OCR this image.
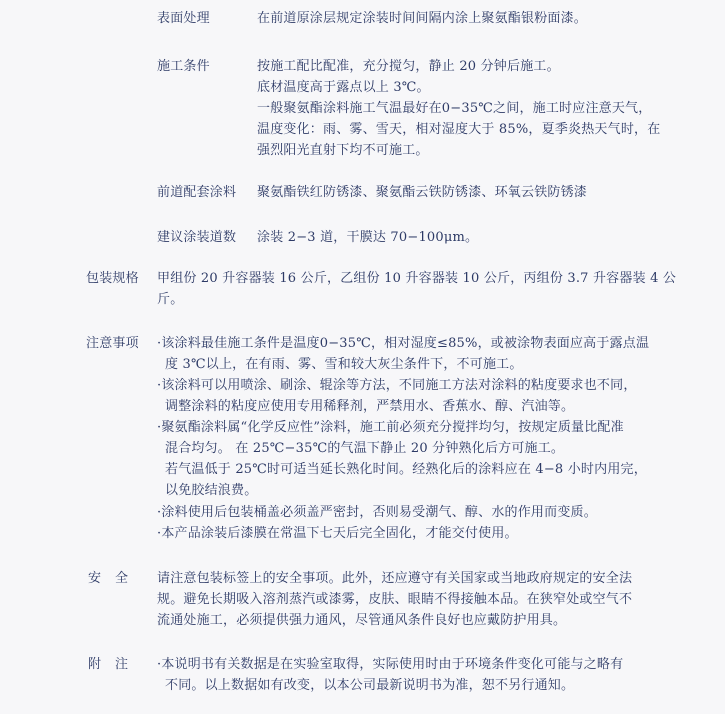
表面处理	在前道原涂层规定涂装时间间隔内涂上聚氨酯银粉面漆。
施工条件	按施工配比配准，充分搅匀，静止 20 分钟后施工。
底材温度高于露点以上 3℃。
一般聚氨酯涂料施工气温最好在0−35℃之间，施工时应注意天气，
温度变化：雨、雾、雪天，相对湿度大于 85%，夏季炎热天气时，在
强烈阳光直射下均不可施工。
前道配套涂料 聚氨酯铁红防锈漆、聚氨酯云铁防锈漆、环氧云铁防锈漆
建议涂装道数 涂装 2−3 道，干膜达 70−100μm。
包装规格 甲组份 20 升容器装 16 公斤，乙组份 10 升容器装 10 公斤，丙组份 3.7 升容器装 4 公
斤。
注意事项 ·该涂料最佳施工条件是温度0−35℃，相对湿度≤85%，或被涂物表面应高于露点温
度 3℃以上，在有雨、雾、雪和较大灰尘条件下，不可施工。
·该涂料可以用喷涂、刷涂、辊涂等方法，不同施工方法对涂料的粘度要求也不同，
调整涂料的粘度应使用专用稀释剂，严禁用水、香蕉水、醇、汽油等。
·聚氨酯涂料属“化学反应性”涂料，施工前必须充分搅拌均匀，按规定质量比配准
混合均匀。 在 25℃−35℃的气温下静止 20 分钟熟化后方可施工。
若气温低于 25℃时可适当延长熟化时间。经熟化后的涂料应在 4−8 小时内用完，
以免胶结浪费。
·涂料使用后包装桶盖必须盖严密封，否则易受潮气、醇、水的作用而变质。
·本产品涂装后漆膜在常温下七天后完全固化，才能交付使用。
安全 请注意包装标签上的安全事项。此外，还应遵守有关国家或当地政府规定的安全法
规。避免长期吸入溶剂蒸汽或漆雾，皮肤、眼睛不得接触本品。在狭窄处或空气不
流通处施工，必须提供强力通风，尽管通风条件良好也应戴防护用具。
附注 ·本说明书有关数据是在实验室取得，实际使用时由于环境条件变化可能与之略有
不同。以上数据如有改变，以本公司最新说明书为准，恕不另行通知。
